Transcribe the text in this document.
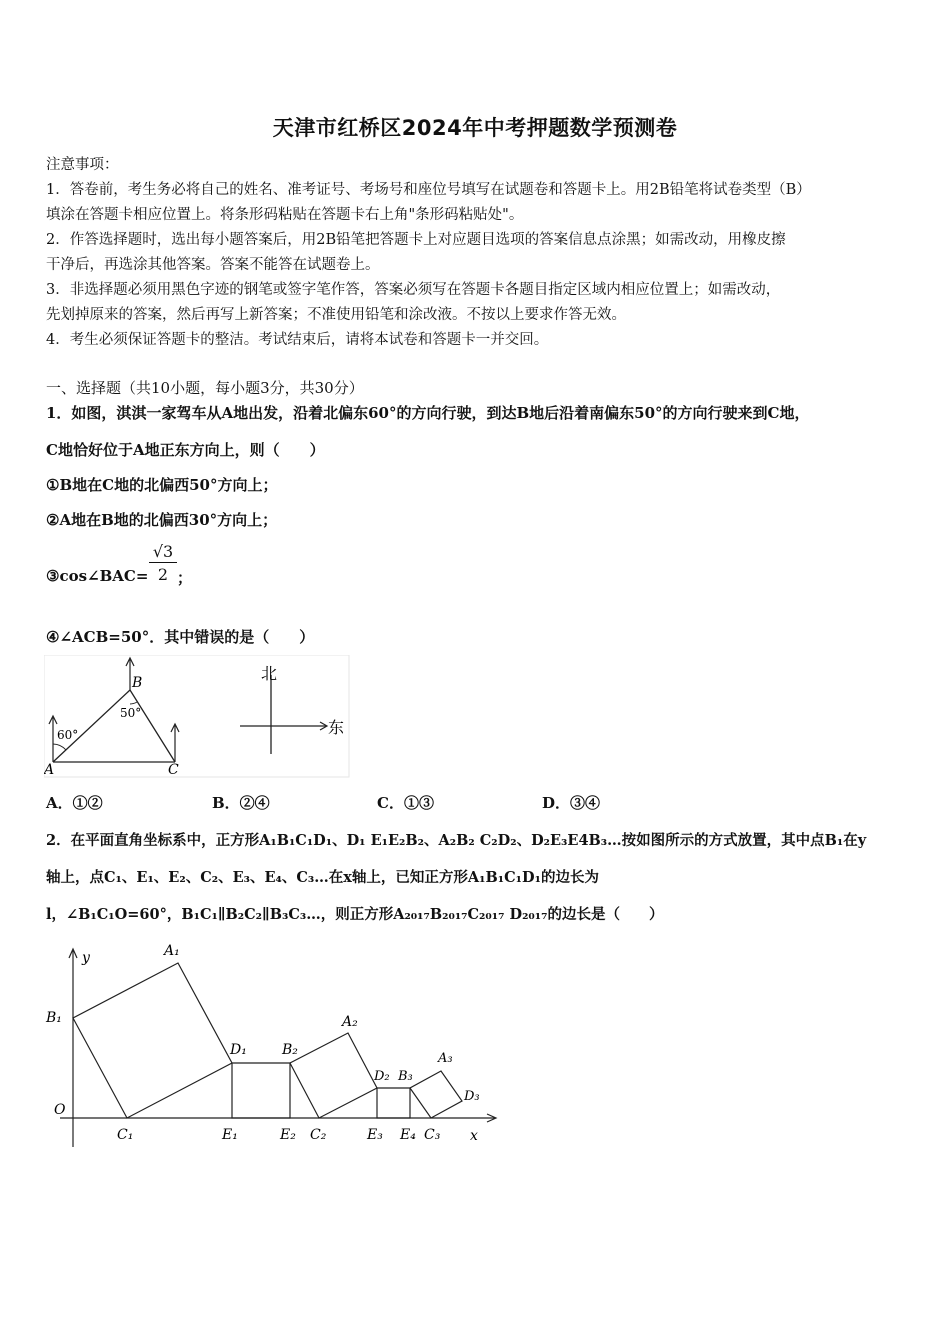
天津市红桥区2024年中考押题数学预测卷
注意事项：
1．答卷前，考生务必将自己的姓名、准考证号、考场号和座位号填写在试题卷和答题卡上。用2B铅笔将试卷类型（B）
填涂在答题卡相应位置上。将条形码粘贴在答题卡右上角"条形码粘贴处"。
2．作答选择题时，选出每小题答案后，用2B铅笔把答题卡上对应题目选项的答案信息点涂黑；如需改动，用橡皮擦
干净后，再选涂其他答案。答案不能答在试题卷上。
3．非选择题必须用黑色字迹的钢笔或签字笔作答，答案必须写在答题卡各题目指定区域内相应位置上；如需改动，
先划掉原来的答案，然后再写上新答案；不准使用铅笔和涂改液。不按以上要求作答无效。
4．考生必须保证答题卡的整洁。考试结束后，请将本试卷和答题卡一并交回。
一、选择题（共10小题，每小题3分，共30分）
1．如图，淇淇一家驾车从A地出发，沿着北偏东60°的方向行驶，到达B地后沿着南偏东50°的方向行驶来到C地，
C地恰好位于A地正东方向上，则（　　）
①B地在C地的北偏西50°方向上；
②A地在B地的北偏西30°方向上；
③cos∠BAC=
√3
2 ；
④∠ACB=50°．其中错误的是（　　）
A
B
C
60°
50°
北
东
A．①②	B．②④	C．①③	D．③④
2．在平面直角坐标系中，正方形A₁B₁C₁D₁、D₁ E₁E₂B₂、A₂B₂ C₂D₂、D₂E₃E4B₃…按如图所示的方式放置，其中点B₁在y
轴上，点C₁、E₁、E₂、C₂、E₃、E₄、C₃…在x轴上，已知正方形A₁B₁C₁D₁的边长为
l，∠B₁C₁O=60°，B₁C₁∥B₂C₂∥B₃C₃…，则正方形A₂₀₁₇B₂₀₁₇C₂₀₁₇ D₂₀₁₇的边长是（　　）
y
x
O
A₁
B₁
C₁
D₁
E₁	E₂
B₂
A₂
C₂
D₂ B₃
E₃ E₄ C₃
A₃
D₃
